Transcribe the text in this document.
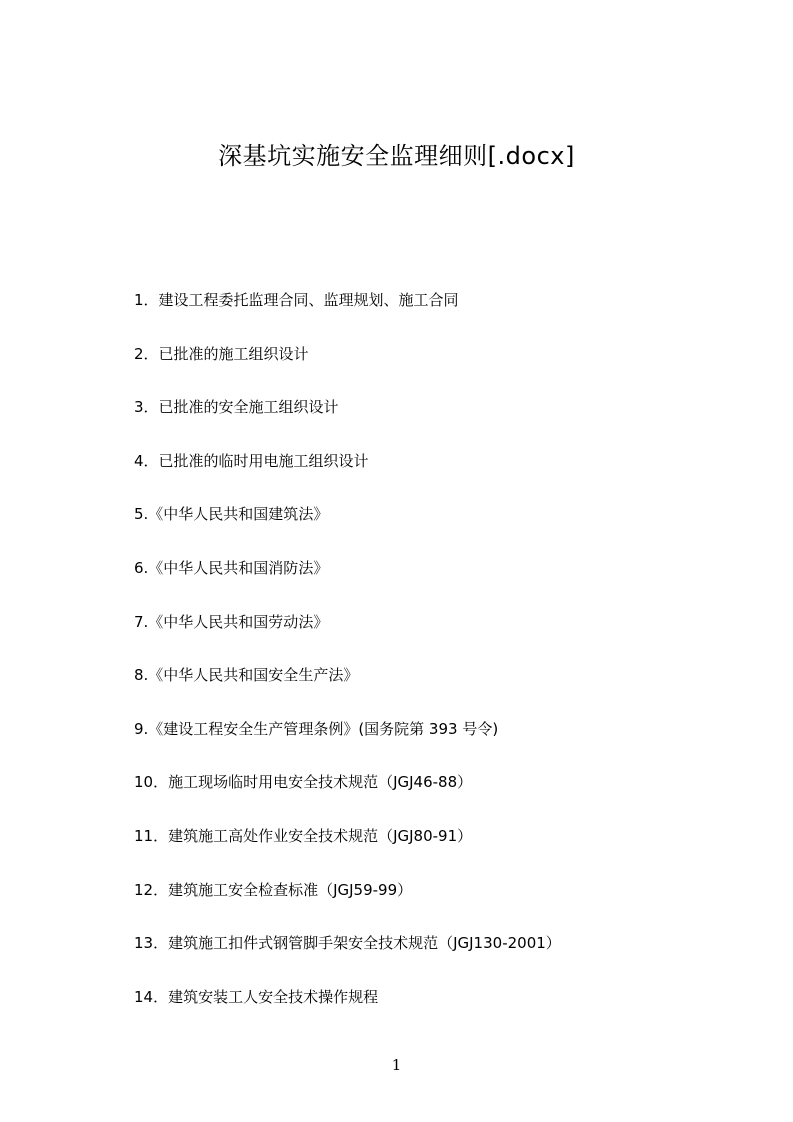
深基坑实施安全监理细则[.docx]
1．建设工程委托监理合同、监理规划、施工合同
2．已批准的施工组织设计
3．已批准的安全施工组织设计
4．已批准的临时用电施工组织设计
5.《中华人民共和国建筑法》
6.《中华人民共和国消防法》
7.《中华人民共和国劳动法》
8.《中华人民共和国安全生产法》
9.《建设工程安全生产管理条例》(国务院第 393 号令)
10．施工现场临时用电安全技术规范（JGJ46-88）
11．建筑施工高处作业安全技术规范（JGJ80-91）
12．建筑施工安全检查标准（JGJ59-99）
13．建筑施工扣件式钢管脚手架安全技术规范（JGJ130-2001）
14．建筑安装工人安全技术操作规程
1
